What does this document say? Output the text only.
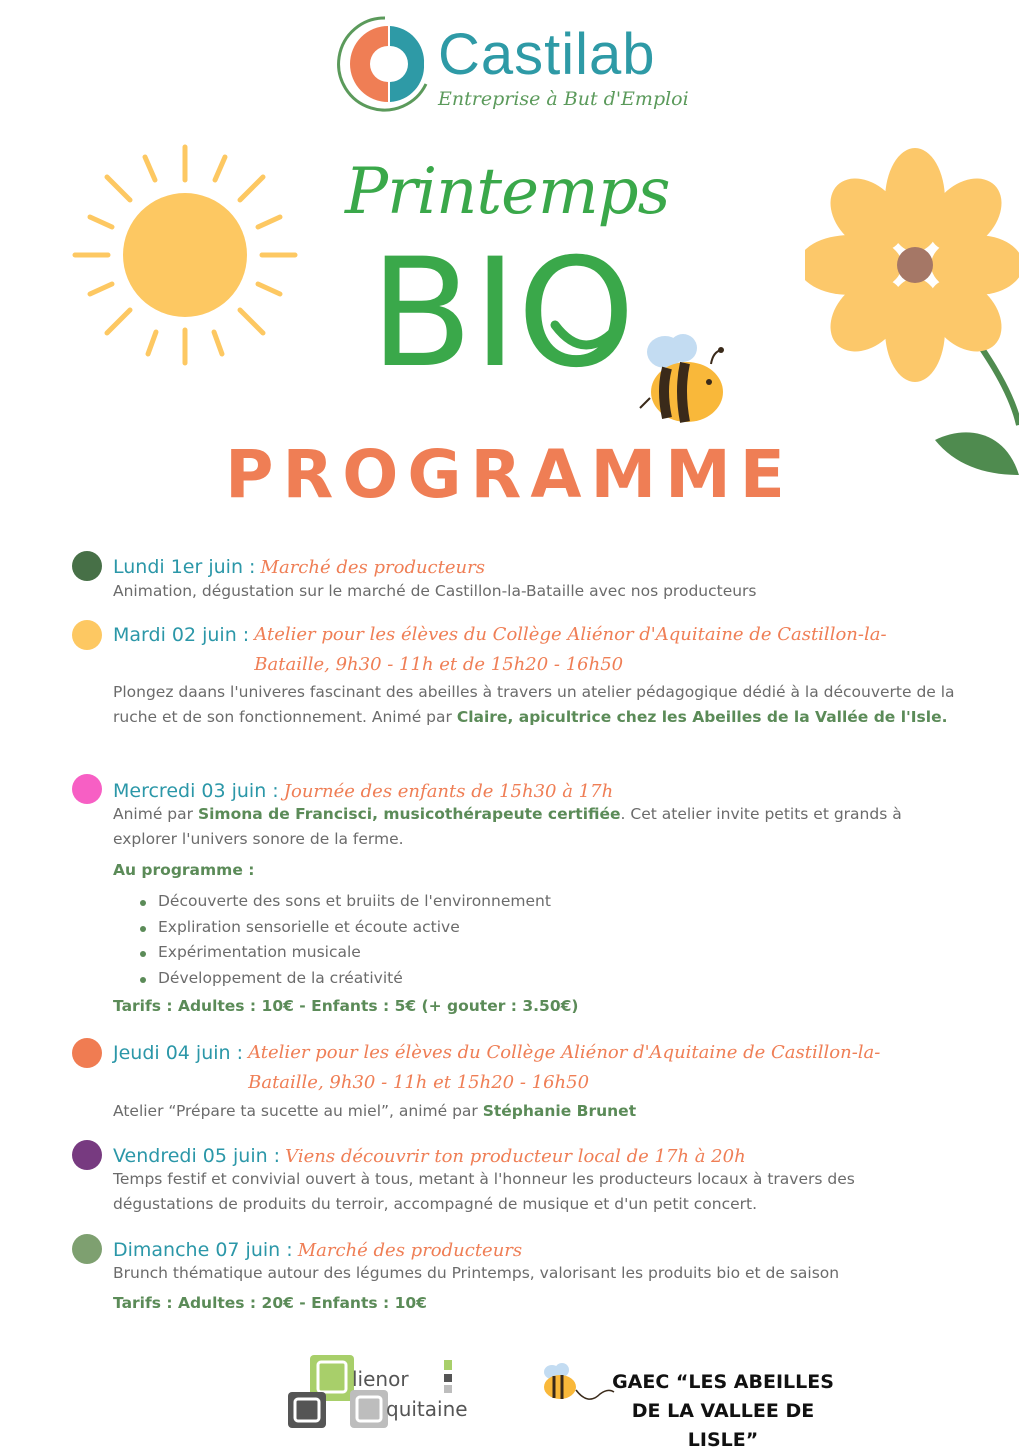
Castilab
Entreprise à But d'Emploi
Printemps
BIO
PROGRAMME
Lundi 1er juin : Marché des producteurs
Animation, dégustation sur le marché de Castillon-la-Bataille avec nos producteurs
Mardi 02 juin : Atelier pour les élèves du Collège Aliénor d'Aquitaine de Castillon-la-
Bataille, 9h30 - 11h et de 15h20 - 16h50
Plongez daans l'univeres fascinant des abeilles à travers un atelier pédagogique dédié à la découverte de la ruche et de son fonctionnement. Animé par Claire, apicultrice chez les Abeilles de la Vallée de l'Isle.
Mercredi 03 juin : Journée des enfants de 15h30 à 17h
Animé par Simona de Francisci, musicothérapeute certifiée. Cet atelier invite petits et grands à explorer l'univers sonore de la ferme.
Au programme :
Découverte des sons et bruiits de l'environnement
Expliration sensorielle et écoute active
Expérimentation musicale
Développement de la créativité
Tarifs : Adultes : 10€ - Enfants : 5€ (+ gouter : 3.50€)
Jeudi 04 juin : Atelier pour les élèves du Collège Aliénor d'Aquitaine de Castillon-la-
Bataille, 9h30 - 11h et 15h20 - 16h50
Atelier “Prépare ta sucette au miel”, animé par Stéphanie Brunet
Vendredi 05 juin : Viens découvrir ton producteur local de 17h à 20h
Temps festif et convivial ouvert à tous, metant à l'honneur les producteurs locaux à travers des dégustations de produits du terroir, accompagné de musique et d'un petit concert.
Dimanche 07 juin : Marché des producteurs
Brunch thématique autour des légumes du Printemps, valorisant les produits bio et de saison
Tarifs : Adultes : 20€ - Enfants : 10€
lienor
quitaine
GAEC “LES ABEILLES
DE LA VALLEE DE LISLE”
